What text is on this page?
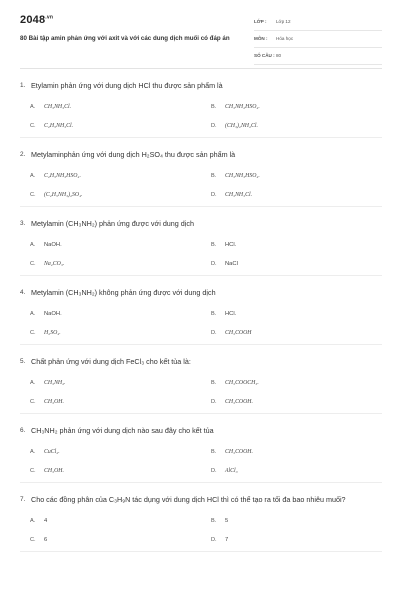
$2048^{.vn}$
80 Bài tập amin phản ứng với axit và với các dung dịch muối có đáp án
LỚP : Lớp 12
MÔN : Hóa học
SỐ CÂU : 80
1. Etylamin phản ứng với dung dịch HCl thu được sản phẩm là
A.	CH₃NH₃Cl.	B.	CH₃NH₂HSO₄.
C.	C₂H₅NH₃Cl.	D.	(CH₃)₂NH₂Cl.
2. Metylaminphản ứng với dung dịch H₂SO₄ thu được sản phẩm là
A.	C₂H₅NH₃HSO₄.	B.	CH₃NH₃HSO₄.
C.	(C₂H₅NH₃)₂SO₄.	D.	CH₃NH₃Cl.
3. Metylamin (CH₃NH₂) phản ứng được với dung dịch
A.	NaOH.	B.	HCl.
C.	Na₂CO₃.	D.	NaCl
4. Metylamin (CH₃NH₂) không phản ứng được với dung dịch
A.	NaOH.	B.	HCl.
C.	H₂SO₄.	D.	CH₃COOH
5. Chất phản ứng với dung dịch FeCl₃ cho kết tủa là:
A.	CH₃NH₂.	B.	CH₃COOCH₃.
C.	CH₃OH.	D.	CH₃COOH.
6. CH₃NH₂ phản ứng với dung dịch nào sau đây cho kết tủa
A.	CuCl₂.	B.	CH₃COOH.
C.	CH₃OH.	D.	AlCl₃
7. Cho các đồng phân của C₃H₉N tác dụng với dung dịch HCl thì có thể tạo ra tối đa bao nhiêu muối?
A.	4	B.	5
C.	6	D.	7
